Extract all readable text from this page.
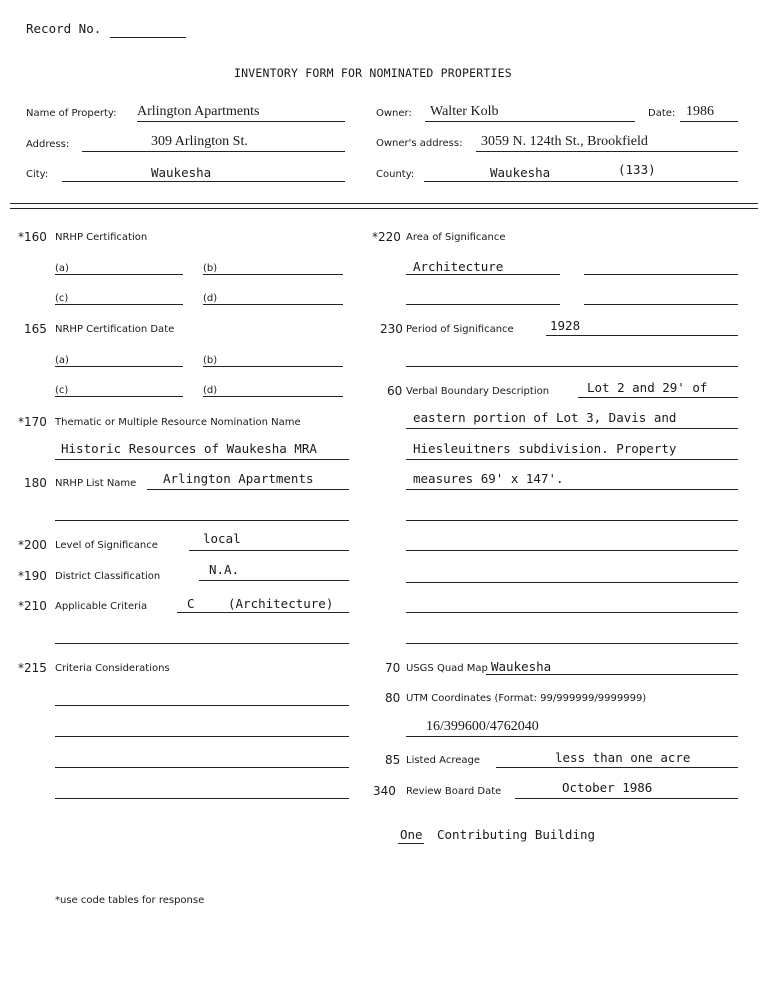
Record No.
INVENTORY FORM FOR NOMINATED PROPERTIES
Name of Property: Arlington Apartments	Owner: Walter Kolb	Date: 1986
Address:	309 Arlington St.	Owner's address: 3059 N. 124th St., Brookfield
City:	Waukesha	County:	Waukesha	(133)
*160 NRHP Certification
(a)	(b)
(c)	(d)
165 NRHP Certification Date
(a)	(b)
(c)	(d)
*170 Thematic or Multiple Resource Nomination Name
Historic Resources of Waukesha MRA
180 NRHP List Name Arlington Apartments
*200 Level of Significance	local
*190 District Classification	N.A.
*210 Applicable Criteria	C	(Architecture)
*215 Criteria Considerations
*220 Area of Significance
Architecture
230 Period of Significance	1928
60 Verbal Boundary Description	Lot 2 and 29' of
eastern portion of Lot 3, Davis and
Hiesleuitners subdivision. Property
measures 69' x 147'.
70 USGS Quad Map Waukesha
80 UTM Coordinates (Format: 99/999999/9999999)
16/399600/4762040
85 Listed Acreage	less than one acre
340 Review Board Date	October 1986
One Contributing Building
*use code tables for response
